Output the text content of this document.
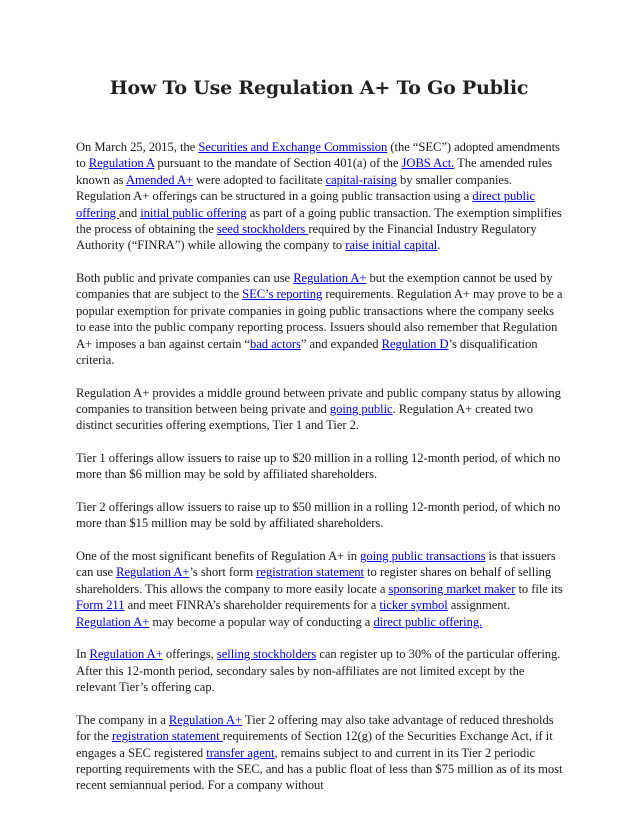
How To Use Regulation A+ To Go Public

On March 25, 2015, the Securities and Exchange Commission (the “SEC”) adopted amendments to Regulation A pursuant to the mandate of Section 401(a) of the JOBS Act. The amended rules known as Amended A+ were adopted to facilitate capital-raising by smaller companies. Regulation A+ offerings can be structured in a going public transaction using a direct public offering and initial public offering as part of a going public transaction. The exemption simplifies the process of obtaining the seed stockholders required by the Financial Industry Regulatory Authority (“FINRA”) while allowing the company to raise initial capital.

Both public and private companies can use Regulation A+ but the exemption cannot be used by companies that are subject to the SEC’s reporting requirements. Regulation A+ may prove to be a popular exemption for private companies in going public transactions where the company seeks to ease into the public company reporting process. Issuers should also remember that Regulation A+ imposes a ban against certain “bad actors” and expanded Regulation D’s disqualification criteria.

Regulation A+ provides a middle ground between private and public company status by allowing companies to transition between being private and going public. Regulation A+ created two distinct securities offering exemptions, Tier 1 and Tier 2.

Tier 1 offerings allow issuers to raise up to $20 million in a rolling 12-month period, of which no more than $6 million may be sold by affiliated shareholders.

Tier 2 offerings allow issuers to raise up to $50 million in a rolling 12-month period, of which no more than $15 million may be sold by affiliated shareholders.

One of the most significant benefits of Regulation A+ in going public transactions is that issuers can use Regulation A+’s short form registration statement to register shares on behalf of selling shareholders. This allows the company to more easily locate a sponsoring market maker to file its Form 211 and meet FINRA’s shareholder requirements for a ticker symbol assignment. Regulation A+ may become a popular way of conducting a direct public offering.

In Regulation A+ offerings, selling stockholders can register up to 30% of the particular offering. After this 12-month period, secondary sales by non-affiliates are not limited except by the relevant Tier’s offering cap.

The company in a Regulation A+ Tier 2 offering may also take advantage of reduced thresholds for the registration statement requirements of Section 12(g) of the Securities Exchange Act, if it engages a SEC registered transfer agent, remains subject to and current in its Tier 2 periodic reporting requirements with the SEC, and has a public float of less than $75 million as of its most recent semiannual period. For a company without
